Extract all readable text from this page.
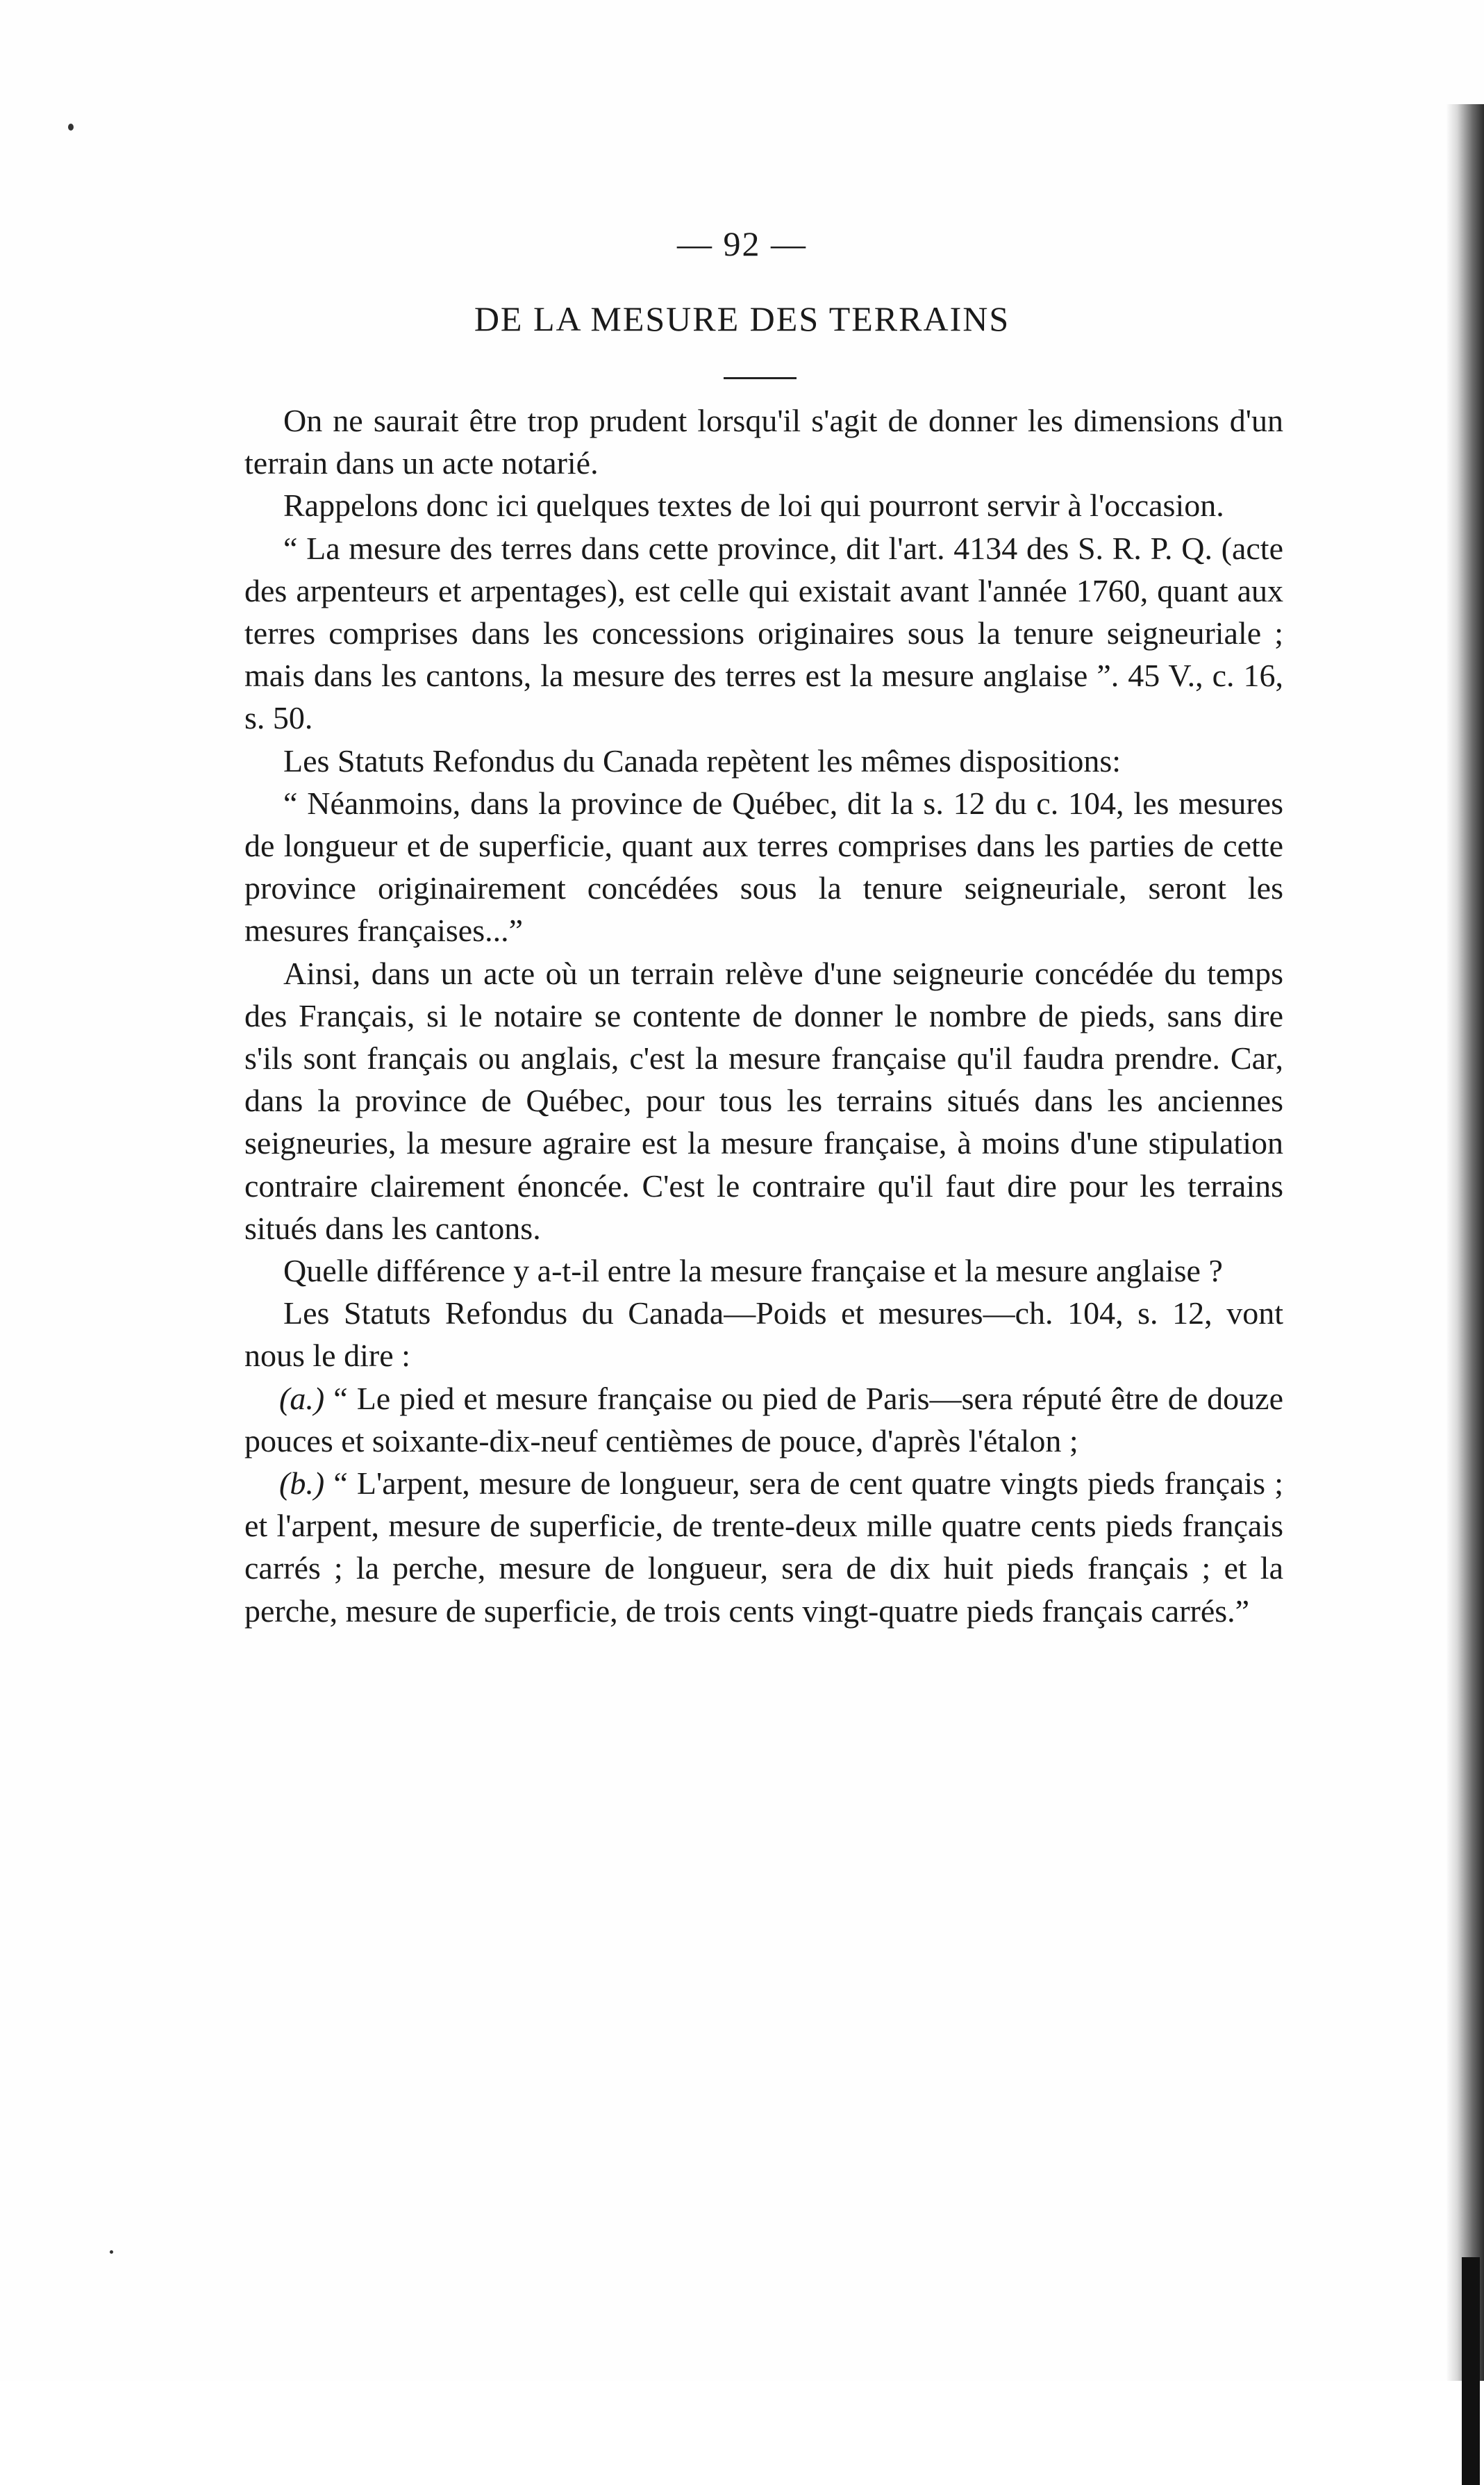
— 92 —
DE LA MESURE DES TERRAINS

On ne saurait être trop prudent lorsqu'il s'agit de donner les dimensions d'un terrain dans un acte notarié.

Rappelons donc ici quelques textes de loi qui pourront servir à l'occasion.

“ La mesure des terres dans cette province, dit l'art. 4134 des S. R. P. Q. (acte des arpenteurs et arpentages), est celle qui existait avant l'année 1760, quant aux terres comprises dans les concessions originaires sous la tenure seigneuriale ; mais dans les cantons, la mesure des terres est la mesure anglaise ”. 45 V., c. 16, s. 50.

Les Statuts Refondus du Canada repètent les mêmes dispositions:

“ Néanmoins, dans la province de Québec, dit la s. 12 du c. 104, les mesures de longueur et de superficie, quant aux terres comprises dans les parties de cette province originairement concédées sous la tenure seigneuriale, seront les mesures françaises...”

Ainsi, dans un acte où un terrain relève d'une seigneurie concédée du temps des Français, si le notaire se contente de donner le nombre de pieds, sans dire s'ils sont français ou anglais, c'est la mesure française qu'il faudra prendre. Car, dans la province de Québec, pour tous les terrains situés dans les anciennes seigneuries, la mesure agraire est la mesure française, à moins d'une stipulation contraire clairement énoncée. C'est le contraire qu'il faut dire pour les terrains situés dans les cantons.

Quelle différence y a-t-il entre la mesure française et la mesure anglaise ?

Les Statuts Refondus du Canada—Poids et mesures—ch. 104, s. 12, vont nous le dire :

(a.) “ Le pied et mesure française ou pied de Paris—sera réputé être de douze pouces et soixante-dix-neuf centièmes de pouce, d'après l'étalon ;

(b.) “ L'arpent, mesure de longueur, sera de cent quatre vingts pieds français ; et l'arpent, mesure de superficie, de trente-deux mille quatre cents pieds français carrés ; la perche, mesure de longueur, sera de dix huit pieds français ; et la perche, mesure de superficie, de trois cents vingt-quatre pieds français carrés.”
